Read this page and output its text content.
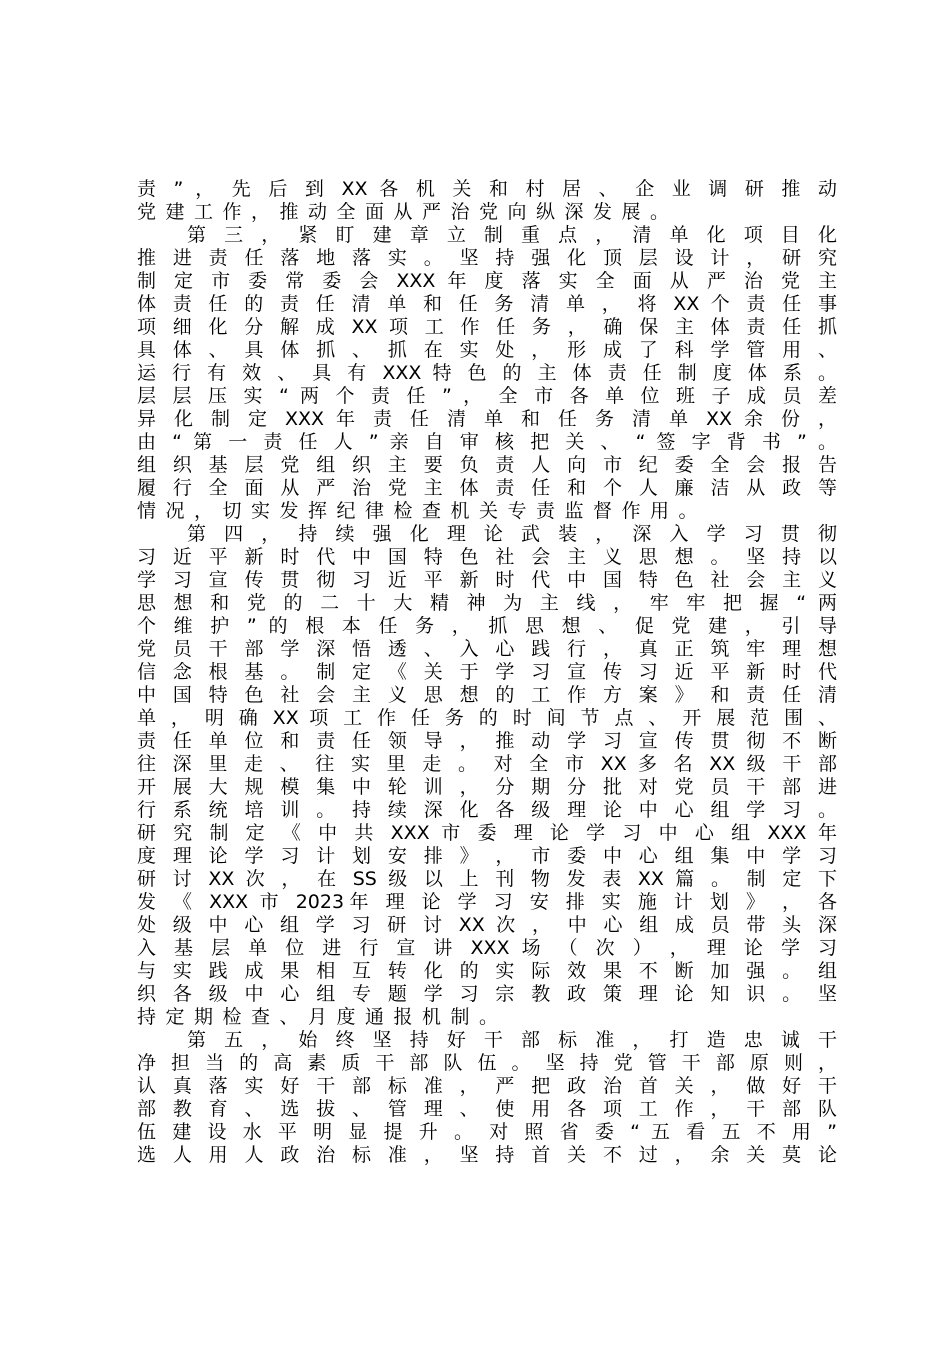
责 ” ， 先 后 到 XX 各 机 关 和 村 居 、 企 业 调 研 推 动
党建工作，推动全面从严治党向纵深发展。
第 三 ， 紧 盯 建 章 立 制 重 点 ， 清 单 化 项 目 化
推 进 责 任 落 地 落 实 。 坚 持 强 化 顶 层 设 计 ， 研 究
制 定 市 委 常 委 会 XXX 年 度 落 实 全 面 从 严 治 党 主
体 责 任 的 责 任 清 单 和 任 务 清 单 ， 将 XX 个 责 任 事
项 细 化 分 解 成 XX 项 工 作 任 务 ， 确 保 主 体 责 任 抓
具 体 、 具 体 抓 、 抓 在 实 处 ， 形 成 了 科 学 管 用 、
运 行 有 效 、 具 有 XXX 特 色 的 主 体 责 任 制 度 体 系 。
层 层 压 实 “ 两 个 责 任 ” ， 全 市 各 单 位 班 子 成 员 差
异 化 制 定 XXX 年 责 任 清 单 和 任 务 清 单 XX 余 份 ，
由 “ 第 一 责 任 人 ” 亲 自 审 核 把 关 、 “ 签 字 背 书 ” 。
组 织 基 层 党 组 织 主 要 负 责 人 向 市 纪 委 全 会 报 告
履 行 全 面 从 严 治 党 主 体 责 任 和 个 人 廉 洁 从 政 等
情况，切实发挥纪律检查机关专责监督作用。
第 四 ， 持 续 强 化 理 论 武 装 ， 深 入 学 习 贯 彻
习 近 平 新 时 代 中 国 特 色 社 会 主 义 思 想 。 坚 持 以
学 习 宣 传 贯 彻 习 近 平 新 时 代 中 国 特 色 社 会 主 义
思 想 和 党 的 二 十 大 精 神 为 主 线 ， 牢 牢 把 握 “ 两
个 维 护 ” 的 根 本 任 务 ， 抓 思 想 、 促 党 建 ， 引 导
党 员 干 部 学 深 悟 透 、 入 心 践 行 ， 真 正 筑 牢 理 想
信 念 根 基 。 制 定 《 关 于 学 习 宣 传 习 近 平 新 时 代
中 国 特 色 社 会 主 义 思 想 的 工 作 方 案 》 和 责 任 清
单 ， 明 确 XX 项 工 作 任 务 的 时 间 节 点 、 开 展 范 围 、
责 任 单 位 和 责 任 领 导 ， 推 动 学 习 宣 传 贯 彻 不 断
往 深 里 走 、 往 实 里 走 。 对 全 市 XX 多 名 XX 级 干 部
开 展 大 规 模 集 中 轮 训 ， 分 期 分 批 对 党 员 干 部 进
行 系 统 培 训 。 持 续 深 化 各 级 理 论 中 心 组 学 习 。
研 究 制 定 《 中 共 XXX 市 委 理 论 学 习 中 心 组 XXX 年
度 理 论 学 习 计 划 安 排 》 ， 市 委 中 心 组 集 中 学 习
研 讨 XX 次 ， 在 SS 级 以 上 刊 物 发 表 XX 篇 。 制 定 下
发 《 XXX 市 2023年 理 论 学 习 安 排 实 施 计 划 》 ， 各
处 级 中 心 组 学 习 研 讨 XX 次 ， 中 心 组 成 员 带 头 深
入 基 层 单 位 进 行 宣 讲 XXX 场 （ 次 ） ， 理 论 学 习
与 实 践 成 果 相 互 转 化 的 实 际 效 果 不 断 加 强 。 组
织 各 级 中 心 组 专 题 学 习 宗 教 政 策 理 论 知 识 。 坚
持定期检查、月度通报机制。
第 五 ， 始 终 坚 持 好 干 部 标 准 ， 打 造 忠 诚 干
净 担 当 的 高 素 质 干 部 队 伍 。 坚 持 党 管 干 部 原 则 ，
认 真 落 实 好 干 部 标 准 ， 严 把 政 治 首 关 ， 做 好 干
部 教 育 、 选 拔 、 管 理 、 使 用 各 项 工 作 ， 干 部 队
伍 建 设 水 平 明 显 提 升 。 对 照 省 委 “ 五 看 五 不 用 ”
选 人 用 人 政 治 标 准 ， 坚 持 首 关 不 过 ， 余 关 莫 论
